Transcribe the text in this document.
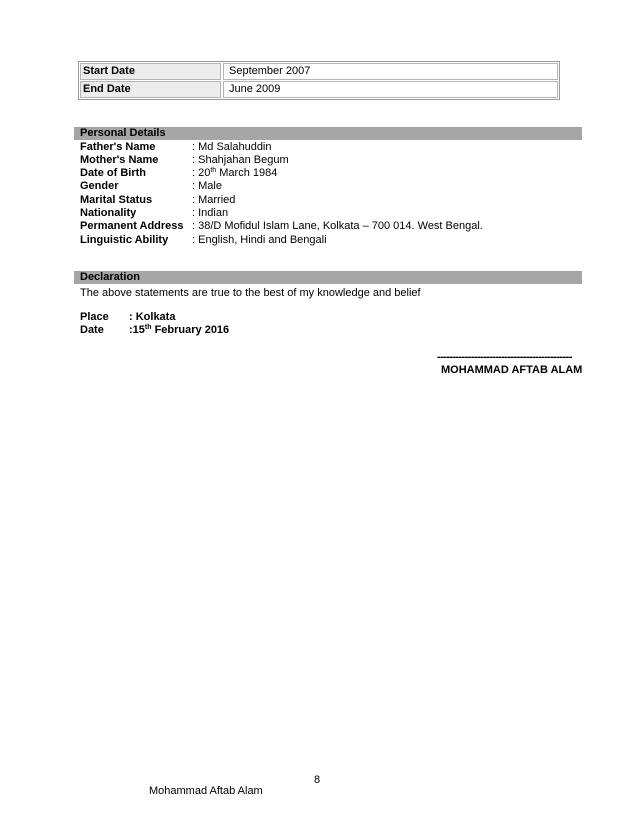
Start Date	September 2007
End Date	June 2009
Personal Details
Father's Name	: Md Salahuddin
Mother's Name	: Shahjahan Begum
Date of Birth	: 20th March 1984
Gender	: Male
Marital Status	: Married
Nationality	: Indian
Permanent Address : 38/D Mofidul Islam Lane, Kolkata – 700 014. West Bengal.
Linguistic Ability : English, Hindi and Bengali
Declaration
The above statements are true to the best of my knowledge and belief
Place : Kolkata
Date :15th February 2016
--------------------------------------------
MOHAMMAD AFTAB ALAM
8
Mohammad Aftab Alam
